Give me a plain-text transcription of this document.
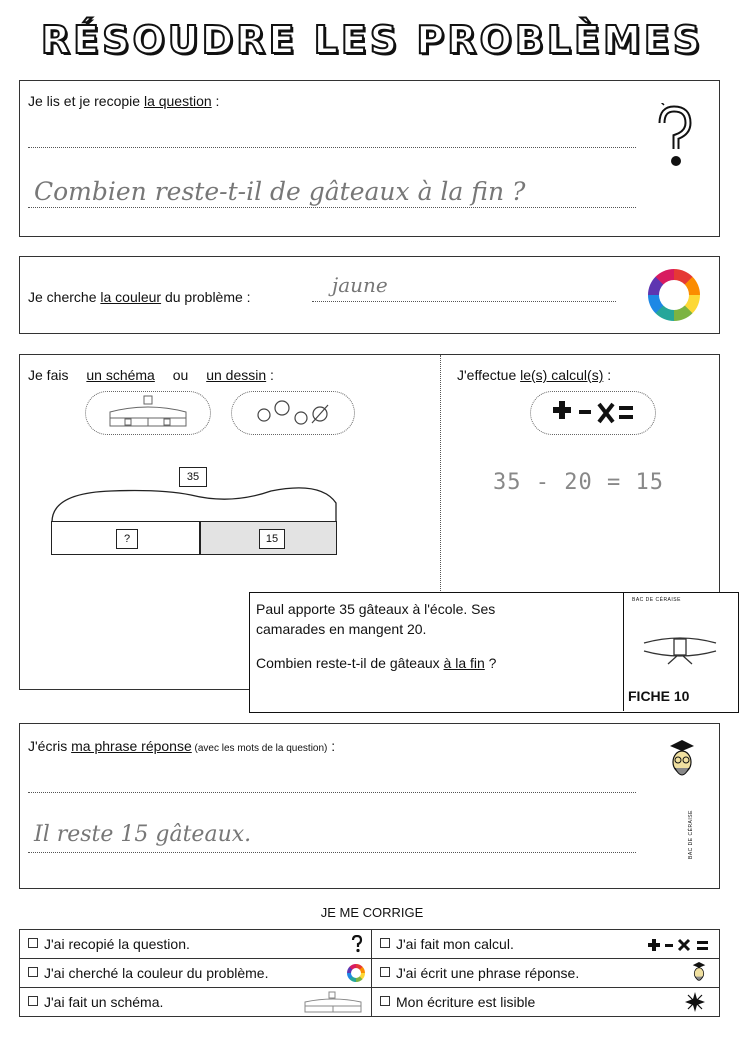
RÉSOUDRE LES PROBLÈMES
Je lis et je recopie la question :
Combien reste-t-il de gâteaux à la fin ?
Je cherche la couleur du problème :	jaune
Je fais un schéma ou un dessin :
35
?	15
J'effectue le(s) calcul(s) :
35 - 20 = 15
Paul apporte 35 gâteaux à l'école. Ses camarades en mangent 20.
Combien reste-t-il de gâteaux à la fin ?
BAC DE CÉRAISE
FICHE 10
J'écris ma phrase réponse (avec les mots de la question) :
Il reste 15 gâteaux.	BAC DE CÉRAISE
JE ME CORRIGE
J'ai recopié la question.	J'ai fait mon calcul.

J'ai cherché la couleur du problème.	J'ai écrit une phrase réponse.

J'ai fait un schéma.	Mon écriture est lisible
